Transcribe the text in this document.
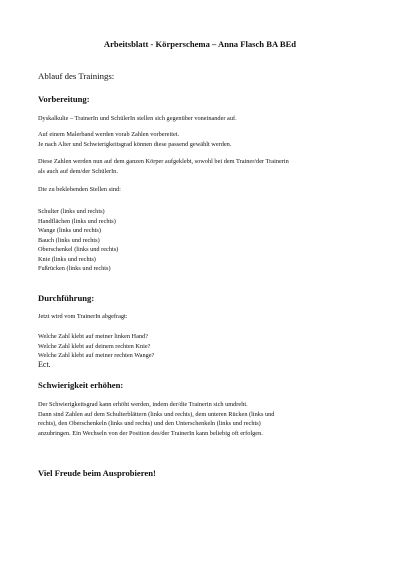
Arbeitsblatt - Körperschema – Anna Flasch BA BEd
Ablauf des Trainings:
Vorbereitung:
Dyskalkulie – TrainerIn und SchülerIn stellen sich gegenüber voneinander auf.
Auf einem Malerband werden vorab Zahlen vorbereitet.
Je nach Alter und Schwierigkeitsgrad können diese passend gewählt werden.
Diese Zahlen werden nun auf dem ganzen Körper aufgeklebt, sowohl bei dem Trainer/der Trainerin
als auch auf dem/der SchülerIn.
Die zu beklebenden Stellen sind:
Schulter (links und rechts)
Handflächen (links und rechts)
Wange (links und rechts)
Bauch (links und rechts)
Oberschenkel (links und rechts)
Knie (links und rechts)
Fußrücken (links und rechts)
Durchführung:
Jetzt wird vom TrainerIn abgefragt:
Welche Zahl klebt auf meiner linken Hand?
Welche Zahl klebt auf deinem rechten Knie?
Welche Zahl klebt auf meiner rechten Wange?
Ect.
Schwierigkeit erhöhen:
Der Schwierigkeitsgrad kann erhöht werden, indem der/die Trainerin sich umdreht.
Dann sind Zahlen auf dem Schulterblättern (links und rechts), dem unteren Rücken (links und
rechts), den Oberschenkeln (links und rechts) und den Unterschenkeln (links und rechts)
anzubringen. Ein Wechseln von der Position des/der TrainerIn kann beliebig oft erfolgen.
Viel Freude beim Ausprobieren!
